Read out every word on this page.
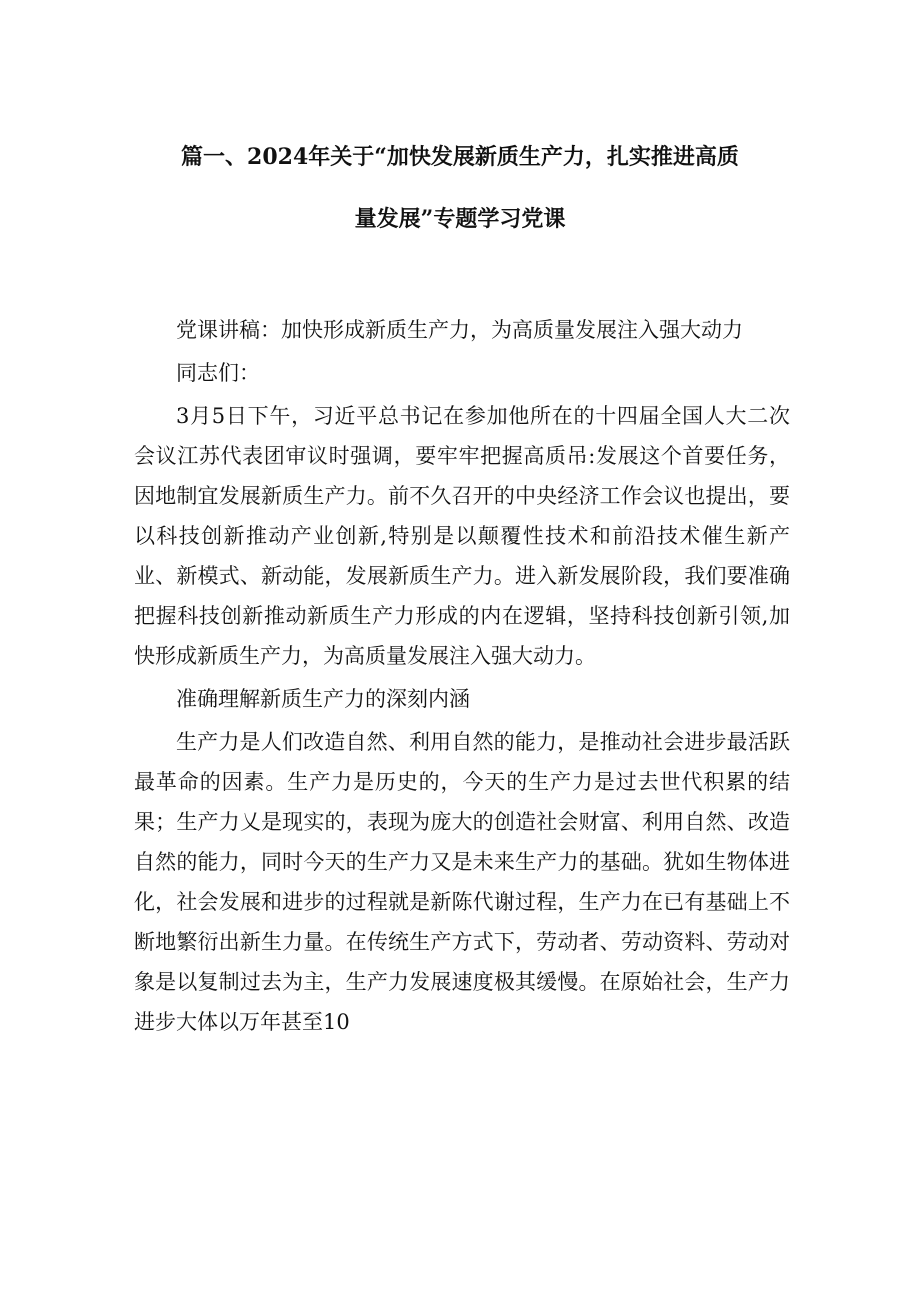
篇一、2024年关于“加快发展新质生产力，扎实推进高质
量发展”专题学习党课

党课讲稿：加快形成新质生产力，为高质量发展注入强大动力

同志们：

3月5日下午，习近平总书记在参加他所在的十四届全国人大二次会议江苏代表团审议时强调，要牢牢把握高质吊:发展这个首要任务，因地制宜发展新质生产力。前不久召开的中央经济工作会议也提出，要以科技创新推动产业创新,特别是以颠覆性技术和前沿技术催生新产业、新模式、新动能，发展新质生产力。进入新发展阶段，我们要准确把握科技创新推动新质生产力形成的内在逻辑，坚持科技创新引领,加快形成新质生产力，为高质量发展注入强大动力。

准确理解新质生产力的深刻内涵

生产力是人们改造自然、利用自然的能力，是推动社会进步最活跃最革命的因素。生产力是历史的，今天的生产力是过去世代积累的结果；生产力乂是现实的，表现为庞大的创造社会财富、利用自然、改造自然的能力，同时今天的生产力又是未来生产力的基础。犹如生物体进化，社会发展和进步的过程就是新陈代谢过程，生产力在已有基础上不断地繁衍出新生力量。在传统生产方式下，劳动者、劳动资料、劳动对象是以复制过去为主，生产力发展速度极其缓慢。在原始社会，生产力进步大体以万年甚至10
